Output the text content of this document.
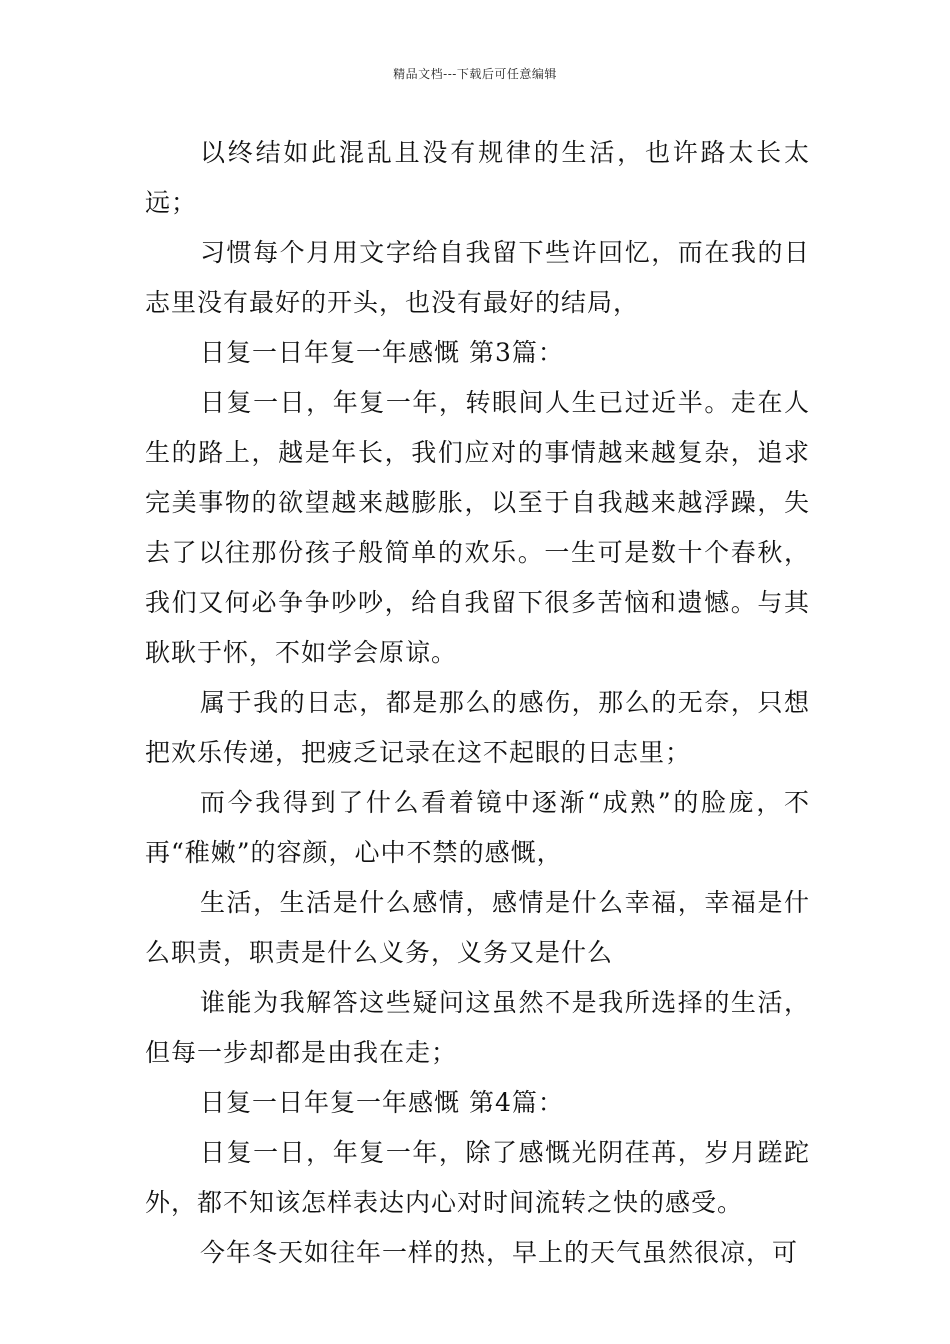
精品文档---下载后可任意编辑

以终结如此混乱且没有规律的生活，也许路太长太远；

习惯每个月用文字给自我留下些许回忆，而在我的日志里没有最好的开头，也没有最好的结局，

日复一日年复一年感慨 第3篇：

日复一日，年复一年，转眼间人生已过近半。走在人生的路上，越是年长，我们应对的事情越来越复杂，追求完美事物的欲望越来越膨胀，以至于自我越来越浮躁，失去了以往那份孩子般简单的欢乐。一生可是数十个春秋，我们又何必争争吵吵，给自我留下很多苦恼和遗憾。与其耿耿于怀，不如学会原谅。

属于我的日志，都是那么的感伤，那么的无奈，只想把欢乐传递，把疲乏记录在这不起眼的日志里；

而今我得到了什么看着镜中逐渐“成熟”的脸庞，不再“稚嫩”的容颜，心中不禁的感慨，

生活，生活是什么感情，感情是什么幸福，幸福是什么职责，职责是什么义务，义务又是什么

谁能为我解答这些疑问这虽然不是我所选择的生活，但每一步却都是由我在走；

日复一日年复一年感慨 第4篇：

日复一日，年复一年，除了感慨光阴荏苒，岁月蹉跎外，都不知该怎样表达内心对时间流转之快的感受。

今年冬天如往年一样的热，早上的天气虽然很凉，可
